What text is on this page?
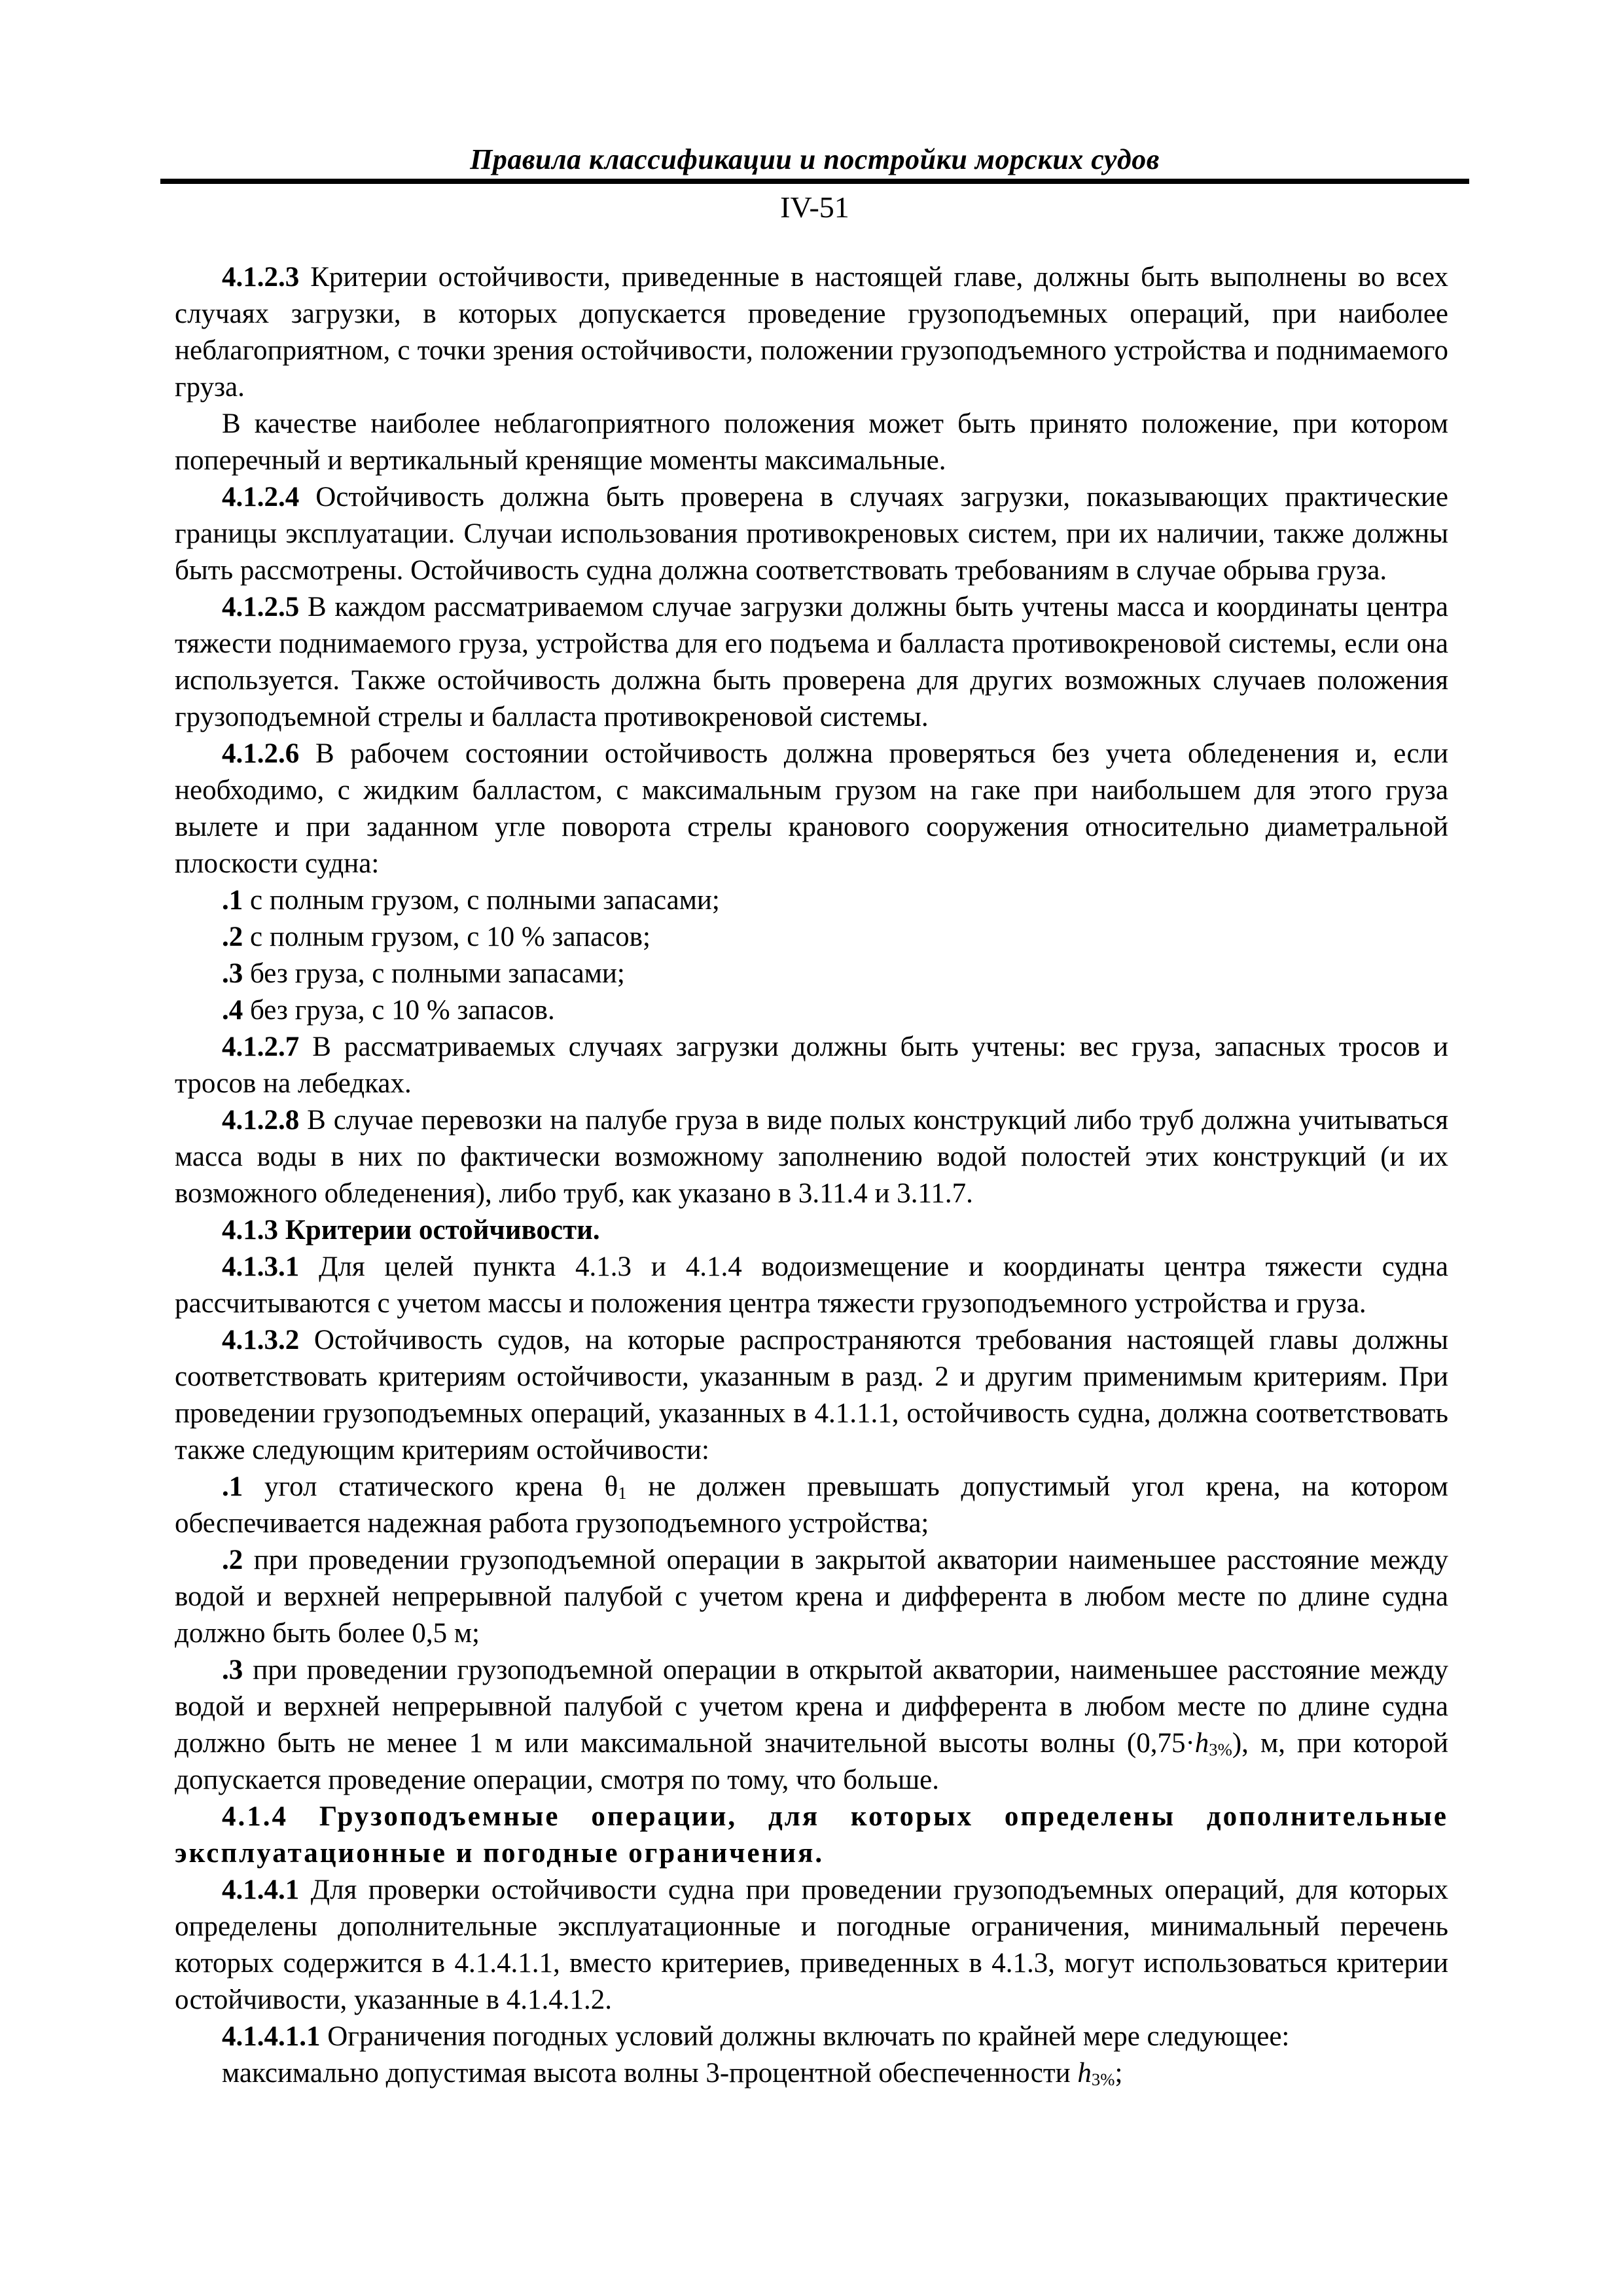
Правила классификации и постройки морских судов
IV-51

4.1.2.3 Критерии остойчивости, приведенные в настоящей главе, должны быть выполнены во всех случаях загрузки, в которых допускается проведение грузоподъемных операций, при наиболее неблагоприятном, с точки зрения остойчивости, положении грузоподъемного устройства и поднимаемого груза.

В качестве наиболее неблагоприятного положения может быть принято положение, при котором поперечный и вертикальный кренящие моменты максимальные.

4.1.2.4 Остойчивость должна быть проверена в случаях загрузки, показывающих практические границы эксплуатации. Случаи использования противокреновых систем, при их наличии, также должны быть рассмотрены. Остойчивость судна должна соответствовать требованиям в случае обрыва груза.

4.1.2.5 В каждом рассматриваемом случае загрузки должны быть учтены масса и координаты центра тяжести поднимаемого груза, устройства для его подъема и балласта противокреновой системы, если она используется. Также остойчивость должна быть проверена для других возможных случаев положения грузоподъемной стрелы и балласта противокреновой системы.

4.1.2.6 В рабочем состоянии остойчивость должна проверяться без учета обледенения и, если необходимо, с жидким балластом, с максимальным грузом на гаке при наибольшем для этого груза вылете и при заданном угле поворота стрелы кранового сооружения относительно диаметральной плоскости судна:

.1 с полным грузом, с полными запасами;

.2 с полным грузом, с 10 % запасов;

.3 без груза, с полными запасами;

.4 без груза, с 10 % запасов.

4.1.2.7 В рассматриваемых случаях загрузки должны быть учтены: вес груза, запасных тросов и тросов на лебедках.

4.1.2.8 В случае перевозки на палубе груза в виде полых конструкций либо труб должна учитываться масса воды в них по фактически возможному заполнению водой полостей этих конструкций (и их возможного обледенения), либо труб, как указано в 3.11.4 и 3.11.7.

4.1.3 Критерии остойчивости.

4.1.3.1 Для целей пункта 4.1.3 и 4.1.4 водоизмещение и координаты центра тяжести судна рассчитываются с учетом массы и положения центра тяжести грузоподъемного устройства и груза.

4.1.3.2 Остойчивость судов, на которые распространяются требования настоящей главы должны соответствовать критериям остойчивости, указанным в разд. 2 и другим применимым критериям. При проведении грузоподъемных операций, указанных в 4.1.1.1, остойчивость судна, должна соответствовать также следующим критериям остойчивости:

.1 угол статического крена θ1 не должен превышать допустимый угол крена, на котором обеспечивается надежная работа грузоподъемного устройства;

.2 при проведении грузоподъемной операции в закрытой акватории наименьшее расстояние между водой и верхней непрерывной палубой с учетом крена и дифферента в любом месте по длине судна должно быть более 0,5 м;

.3 при проведении грузоподъемной операции в открытой акватории, наименьшее расстояние между водой и верхней непрерывной палубой с учетом крена и дифферента в любом месте по длине судна должно быть не менее 1 м или максимальной значительной высоты волны (0,75·h3%), м, при которой допускается проведение операции, смотря по тому, что больше.

4.1.4 Грузоподъемные операции, для которых определены дополнительные эксплуатационные и погодные ограничения.

4.1.4.1 Для проверки остойчивости судна при проведении грузоподъемных операций, для которых определены дополнительные эксплуатационные и погодные ограничения, минимальный перечень которых содержится в 4.1.4.1.1, вместо критериев, приведенных в 4.1.3, могут использоваться критерии остойчивости, указанные в 4.1.4.1.2.

4.1.4.1.1 Ограничения погодных условий должны включать по крайней мере следующее:

максимально допустимая высота волны 3-процентной обеспеченности h3%;
